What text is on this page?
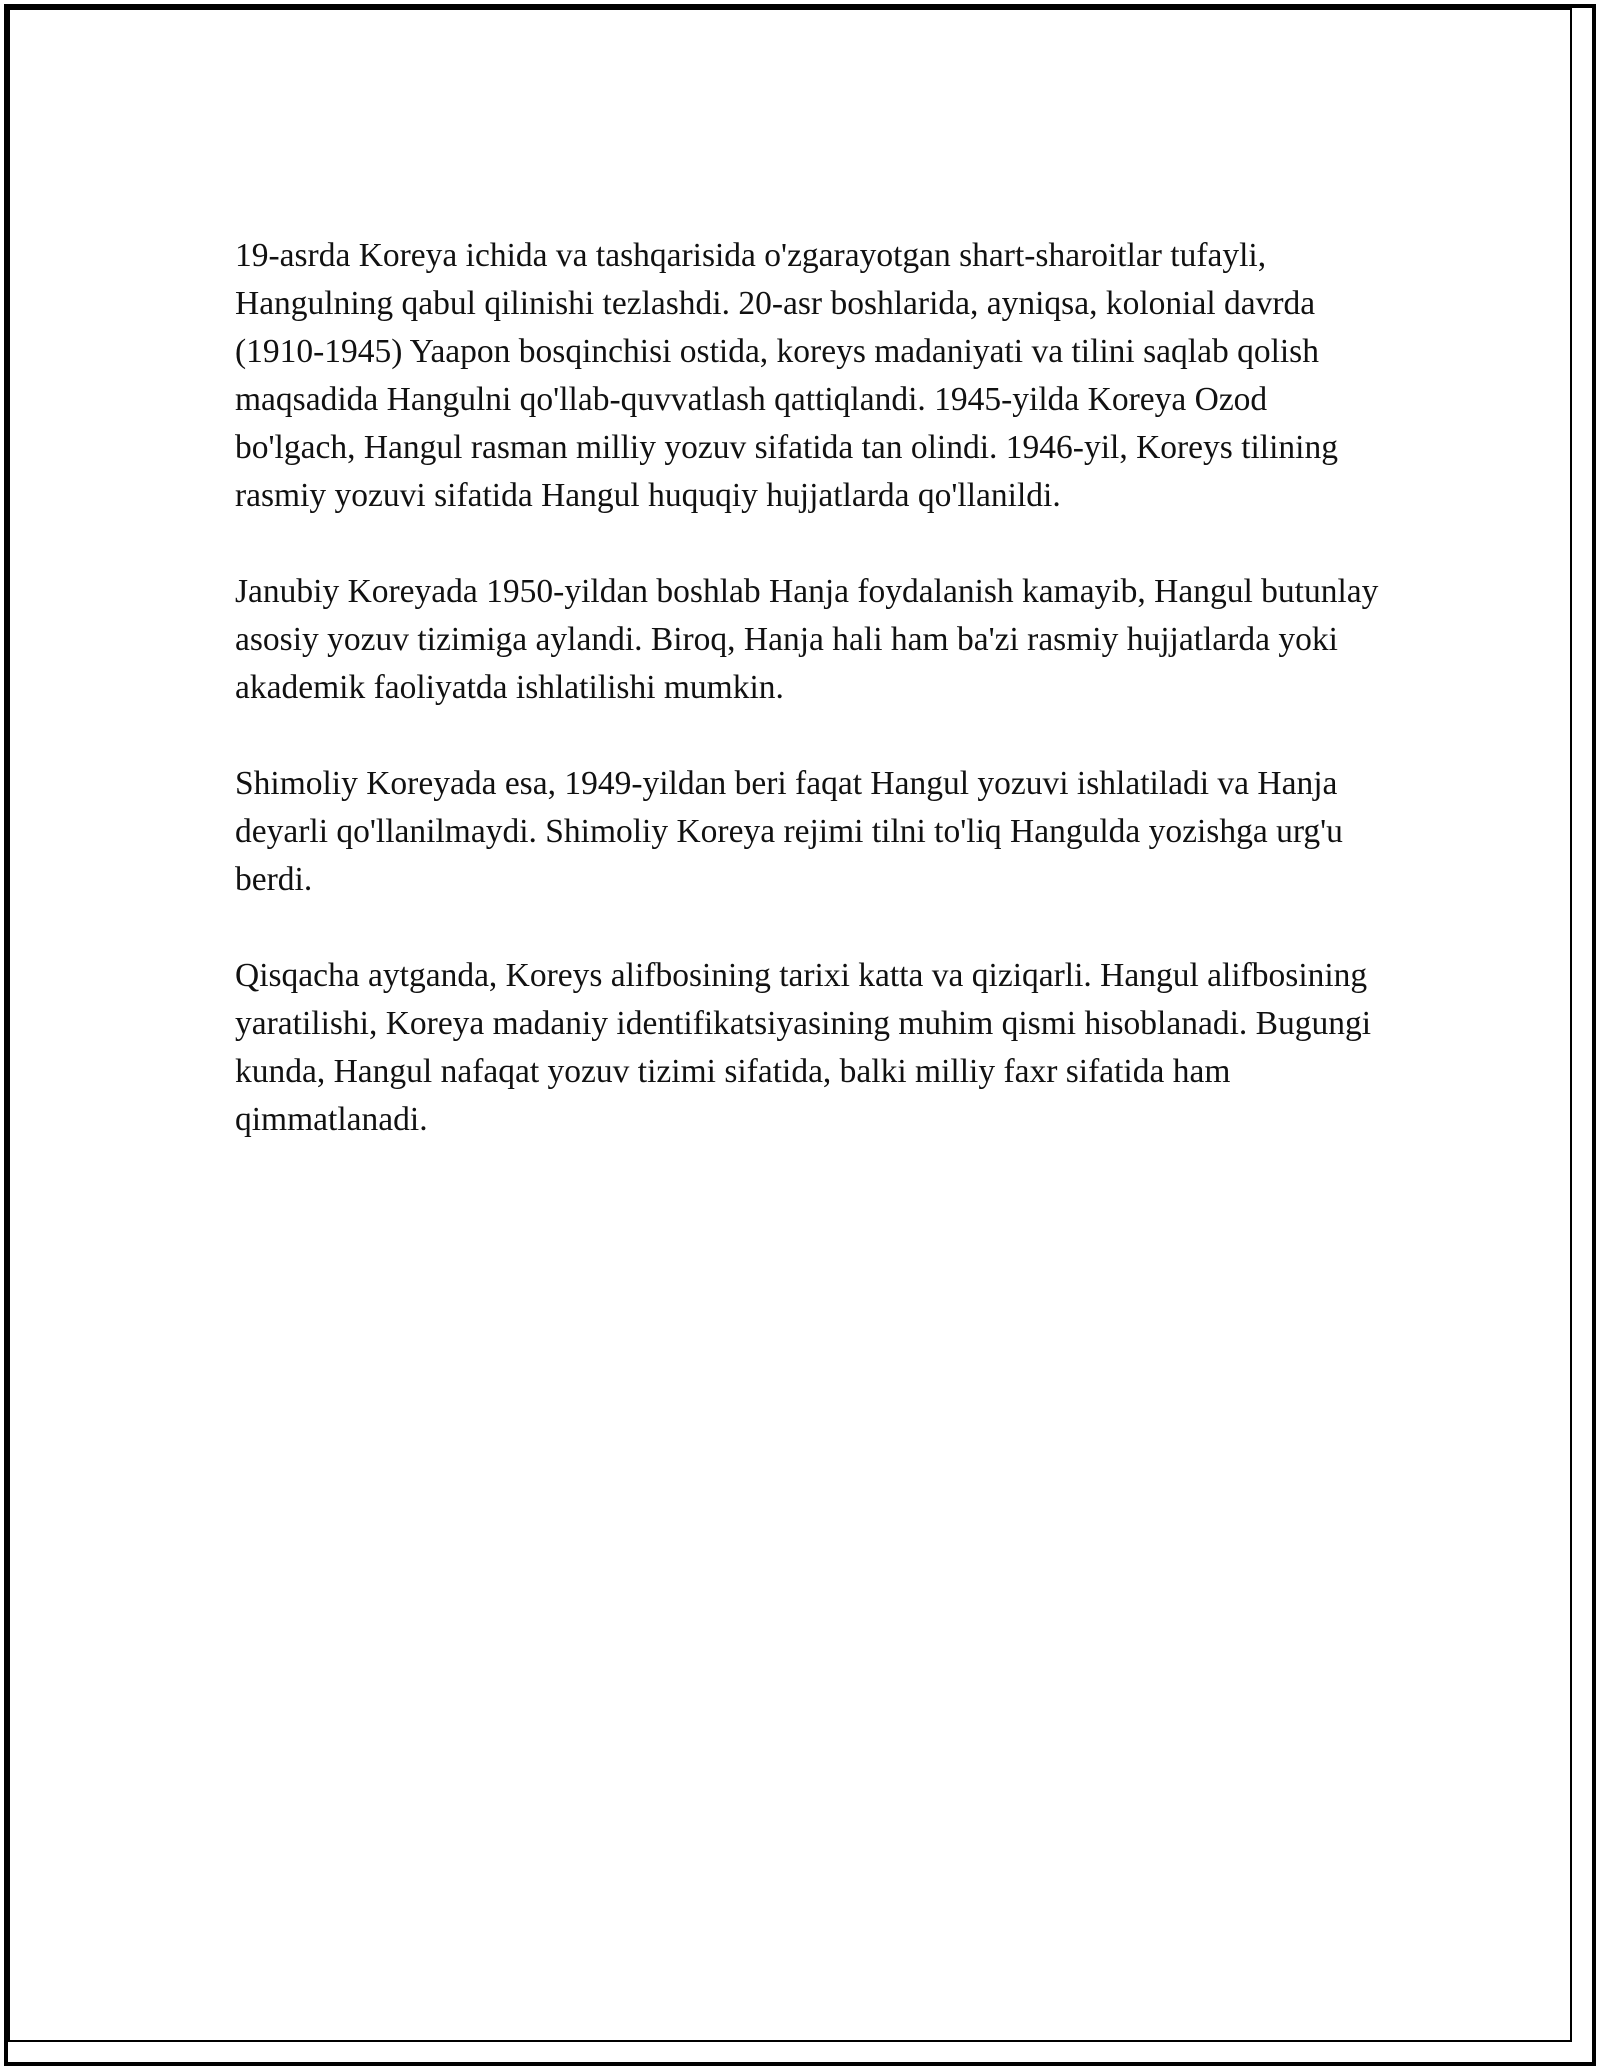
19-asrda Koreya ichida va tashqarisida o'zgarayotgan shart-sharoitlar tufayli, Hangulning qabul qilinishi tezlashdi. 20-asr boshlarida, ayniqsa, kolonial davrda (1910-1945) Yaapon bosqinchisi ostida, koreys madaniyati va tilini saqlab qolish maqsadida Hangulni qo'llab-quvvatlash qattiqlandi. 1945-yilda Koreya Ozod bo'lgach, Hangul rasman milliy yozuv sifatida tan olindi. 1946-yil, Koreys tilining rasmiy yozuvi sifatida Hangul huquqiy hujjatlarda qo'llanildi.

Janubiy Koreyada 1950-yildan boshlab Hanja foydalanish kamayib, Hangul butunlay asosiy yozuv tizimiga aylandi. Biroq, Hanja hali ham ba'zi rasmiy hujjatlarda yoki akademik faoliyatda ishlatilishi mumkin.

Shimoliy Koreyada esa, 1949-yildan beri faqat Hangul yozuvi ishlatiladi va Hanja deyarli qo'llanilmaydi. Shimoliy Koreya rejimi tilni to'liq Hangulda yozishga urg'u berdi.

Qisqacha aytganda, Koreys alifbosining tarixi katta va qiziqarli. Hangul alifbosining yaratilishi, Koreya madaniy identifikatsiyasining muhim qismi hisoblanadi. Bugungi kunda, Hangul nafaqat yozuv tizimi sifatida, balki milliy faxr sifatida ham qimmatlanadi.
